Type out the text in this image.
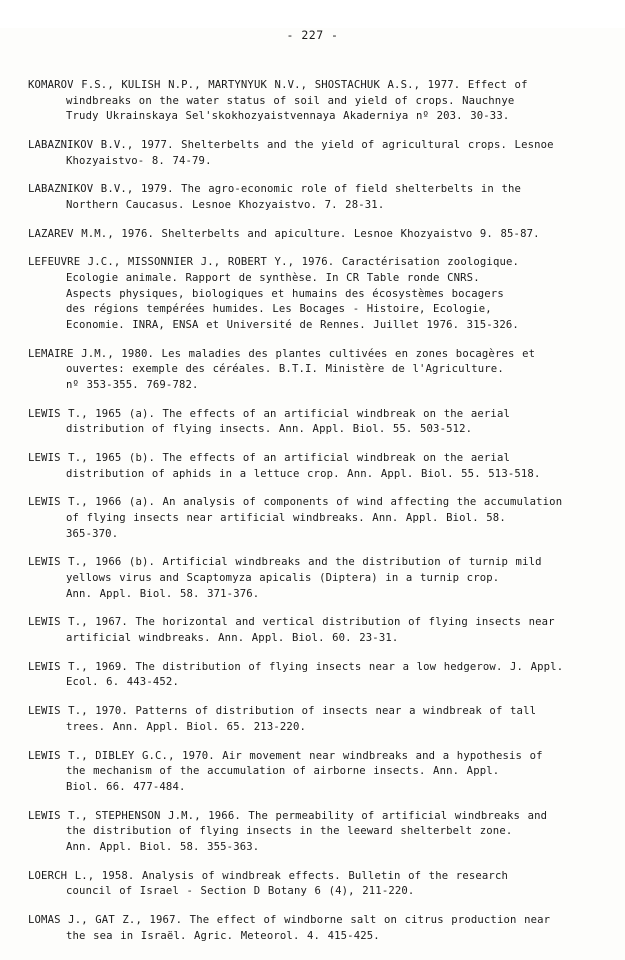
- 227 -
KOMAROV F.S., KULISH N.P., MARTYNYUK N.V., SHOSTACHUK A.S., 1977. Effect of
windbreaks on the water status of soil and yield of crops. Nauchnye
Trudy Ukrainskaya Sel'skokhozyaistvennaya Akaderniya nº 203. 30-33.
LABAZNIKOV B.V., 1977. Shelterbelts and the yield of agricultural crops. Lesnoe
Khozyaistvo- 8. 74-79.
LABAZNIKOV B.V., 1979. The agro-economic role of field shelterbelts in the
Northern Caucasus. Lesnoe Khozyaistvo. 7. 28-31.
LAZAREV M.M., 1976. Shelterbelts and apiculture. Lesnoe Khozyaistvo 9. 85-87.
LEFEUVRE J.C., MISSONNIER J., ROBERT Y., 1976. Caractérisation zoologique.
Ecologie animale. Rapport de synthèse. In CR Table ronde CNRS.
Aspects physiques, biologiques et humains des écosystèmes bocagers
des régions tempérées humides. Les Bocages - Histoire, Ecologie,
Economie. INRA, ENSA et Université de Rennes. Juillet 1976. 315-326.
LEMAIRE J.M., 1980. Les maladies des plantes cultivées en zones bocagères et
ouvertes: exemple des céréales. B.T.I. Ministère de l'Agriculture.
nº 353-355. 769-782.
LEWIS T., 1965 (a). The effects of an artificial windbreak on the aerial
distribution of flying insects. Ann. Appl. Biol. 55. 503-512.
LEWIS T., 1965 (b). The effects of an artificial windbreak on the aerial
distribution of aphids in a lettuce crop. Ann. Appl. Biol. 55. 513-518.
LEWIS T., 1966 (a). An analysis of components of wind affecting the accumulation
of flying insects near artificial windbreaks. Ann. Appl. Biol. 58.
365-370.
LEWIS T., 1966 (b). Artificial windbreaks and the distribution of turnip mild
yellows virus and Scaptomyza apicalis (Diptera) in a turnip crop.
Ann. Appl. Biol. 58. 371-376.
LEWIS T., 1967. The horizontal and vertical distribution of flying insects near
artificial windbreaks. Ann. Appl. Biol. 60. 23-31.
LEWIS T., 1969. The distribution of flying insects near a low hedgerow. J. Appl.
Ecol. 6. 443-452.
LEWIS T., 1970. Patterns of distribution of insects near a windbreak of tall
trees. Ann. Appl. Biol. 65. 213-220.
LEWIS T., DIBLEY G.C., 1970. Air movement near windbreaks and a hypothesis of
the mechanism of the accumulation of airborne insects. Ann. Appl.
Biol. 66. 477-484.
LEWIS T., STEPHENSON J.M., 1966. The permeability of artificial windbreaks and
the distribution of flying insects in the leeward shelterbelt zone.
Ann. Appl. Biol. 58. 355-363.
LOERCH L., 1958. Analysis of windbreak effects. Bulletin of the research
council of Israel - Section D Botany 6 (4), 211-220.
LOMAS J., GAT Z., 1967. The effect of windborne salt on citrus production near
the sea in Israël. Agric. Meteorol. 4. 415-425.
